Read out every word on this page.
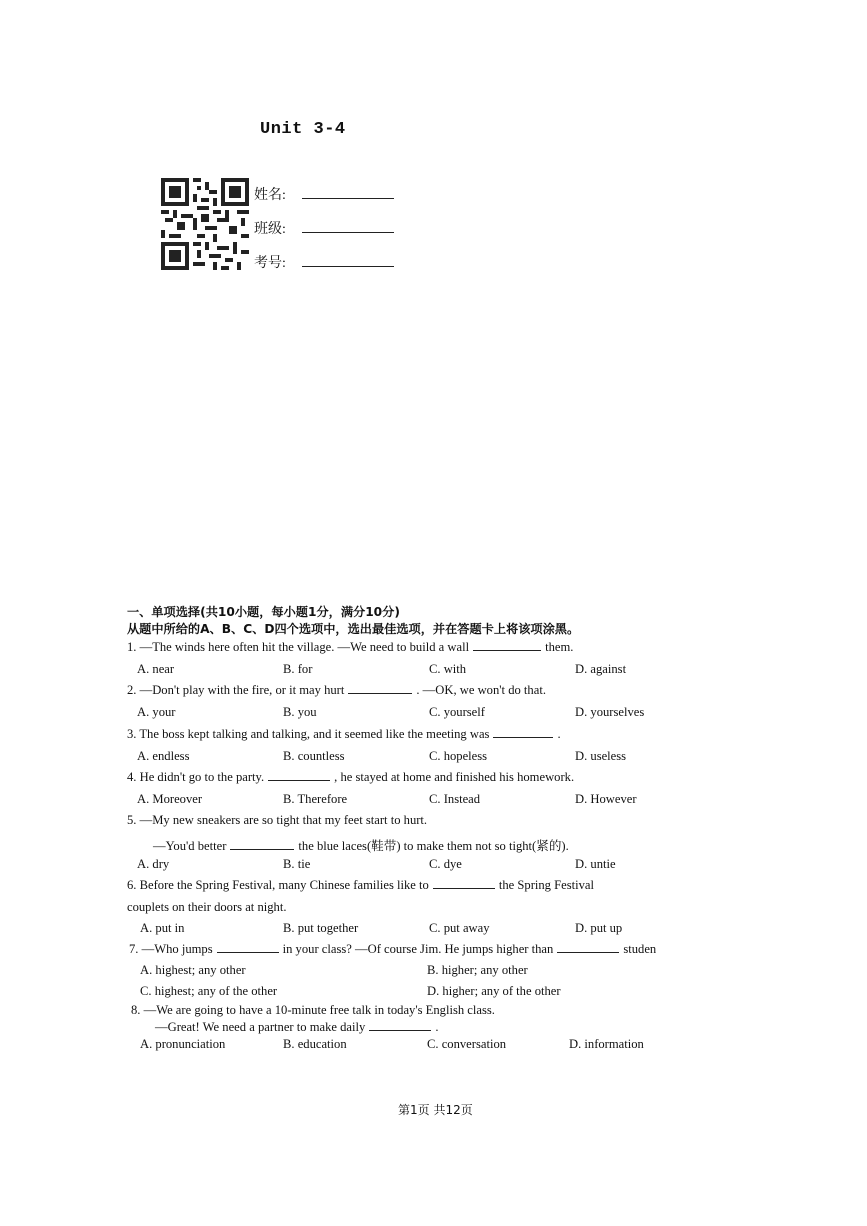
Unit 3-4
姓名:
班级:
考号:
一、单项选择(共10小题，每小题1分，满分10分)
从题中所给的A、B、C、D四个选项中，选出最佳选项，并在答题卡上将该项涂黑。
1. —The winds here often hit the village. —We need to build a wall	them.
A. near	B. for	C. with	D. against
2. —Don't play with the fire, or it may hurt	. —OK, we won't do that.
A. your	B. you	C. yourself	D. yourselves
3. The boss kept talking and talking, and it seemed like the meeting was	.
A. endless	B. countless	C. hopeless	D. useless
4. He didn't go to the party.	, he stayed at home and finished his homework.
A. Moreover	B. Therefore	C. Instead	D. However
5. —My new sneakers are so tight that my feet start to hurt.
—You'd better	the blue laces(鞋带) to make them not so tight(紧的).
A. dry	B. tie	C. dye	D. untie
6. Before the Spring Festival, many Chinese families like to	the Spring Festival
couplets on their doors at night.
A. put in	B. put together	C. put away	D. put up
7. —Who jumps	in your class? —Of course Jim. He jumps higher than	studen
A. highest; any other	B. higher; any other
C. highest; any of the other	D. higher; any of the other
8. —We are going to have a 10-minute free talk in today's English class.
—Great! We need a partner to make daily	.
A. pronunciation	B. education	C. conversation	D. information
第1页 共12页
